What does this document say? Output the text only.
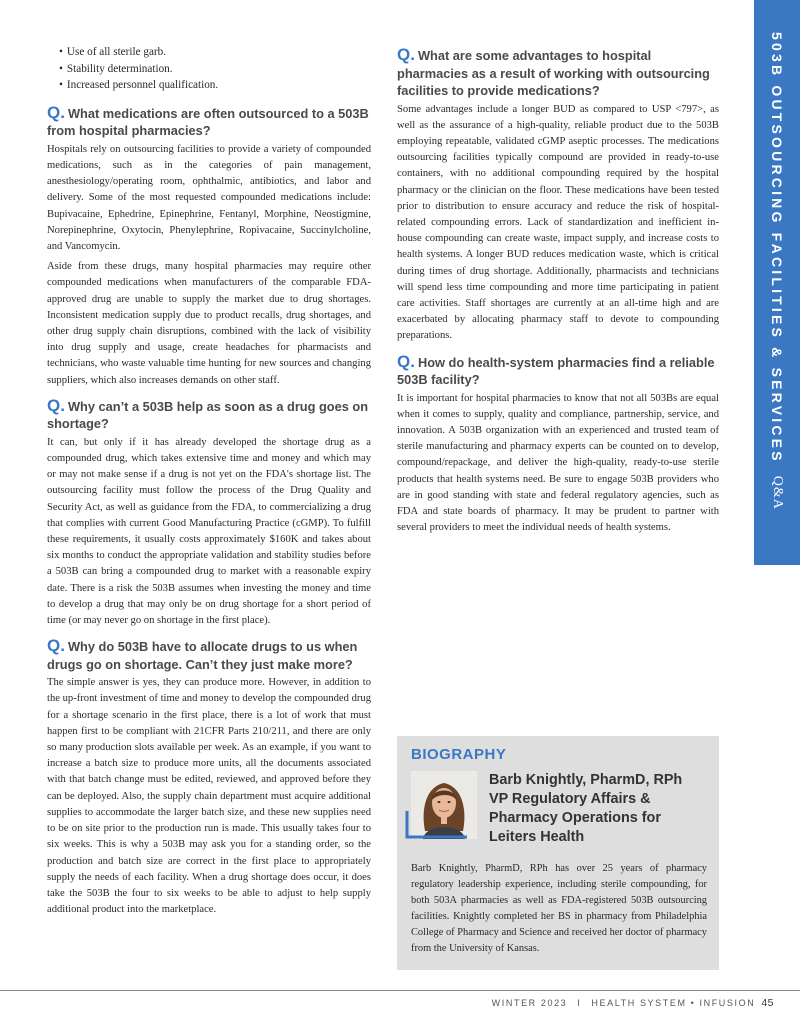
503B OUTSOURCING FACILITIES & SERVICES
Q&A
• Use of all sterile garb.
• Stability determination.
• Increased personnel qualification.
Q. What medications are often outsourced to a 503B from hospital pharmacies?

Hospitals rely on outsourcing facilities to provide a variety of compounded medications, such as in the categories of pain management, anesthesiology/operating room, ophthalmic, antibiotics, and labor and delivery. Some of the most requested compounded medications include: Bupivacaine, Ephedrine, Epinephrine, Fentanyl, Morphine, Neostigmine, Norepinephrine, Oxytocin, Phenylephrine, Ropivacaine, Succinylcholine, and Vancomycin.

Aside from these drugs, many hospital pharmacies may require other compounded medications when manufacturers of the comparable FDA-approved drug are unable to supply the market due to drug shortages. Inconsistent medication supply due to product recalls, drug shortages, and other drug supply chain disruptions, combined with the lack of visibility into drug supply and usage, create headaches for pharmacists and technicians, who waste valuable time hunting for new sources and changing suppliers, which also increases demands on other staff.

Q. Why can’t a 503B help as soon as a drug goes on shortage?

It can, but only if it has already developed the shortage drug as a compounded drug, which takes extensive time and money and which may or may not make sense if a drug is not yet on the FDA's shortage list. The outsourcing facility must follow the process of the Drug Quality and Security Act, as well as guidance from the FDA, to commercializing a drug that complies with current Good Manufacturing Practice (cGMP). To fulfill these requirements, it usually costs approximately $160K and takes about six months to conduct the appropriate validation and stability studies before a 503B can bring a compounded drug to market with a reasonable expiry date. There is a risk the 503B assumes when investing the money and time to develop a drug that may only be on drug shortage for a short period of time (or may never go on shortage in the first place).

Q. Why do 503B have to allocate drugs to us when drugs go on shortage. Can’t they just make more?

The simple answer is yes, they can produce more. However, in addition to the up-front investment of time and money to develop the compounded drug for a shortage scenario in the first place, there is a lot of work that must happen first to be compliant with 21CFR Parts 210/211, and there are only so many production slots available per week. As an example, if you want to increase a batch size to produce more units, all the documents associated with that batch change must be edited, reviewed, and approved before they can be deployed. Also, the supply chain department must acquire additional supplies to accommodate the larger batch size, and these new supplies need to be on site prior to the production run is made. This usually takes four to six weeks. This is why a 503B may ask you for a standing order, so the production and batch size are correct in the first place to appropriately supply the needs of each facility. When a drug shortage does occur, it does take the 503B the four to six weeks to be able to adjust to help supply additional product into the marketplace.

Q. What are some advantages to hospital pharmacies as a result of working with outsourcing facilities to provide medications?

Some advantages include a longer BUD as compared to USP <797>, as well as the assurance of a high-quality, reliable product due to the 503B employing repeatable, validated cGMP aseptic processes. The medications outsourcing facilities typically compound are provided in ready-to-use containers, with no additional compounding required by the hospital pharmacy or the clinician on the floor. These medications have been tested prior to distribution to ensure accuracy and reduce the risk of hospital-related compounding errors. Lack of standardization and inefficient in-house compounding can create waste, impact supply, and increase costs to health systems. A longer BUD reduces medication waste, which is critical during times of drug shortage. Additionally, pharmacists and technicians will spend less time compounding and more time participating in patient care activities. Staff shortages are currently at an all-time high and are exacerbated by allocating pharmacy staff to devote to compounding preparations.

Q. How do health-system pharmacies find a reliable 503B facility?

It is important for hospital pharmacies to know that not all 503Bs are equal when it comes to supply, quality and compliance, partnership, service, and innovation. A 503B organization with an experienced and trusted team of sterile manufacturing and pharmacy experts can be counted on to develop, compound/repackage, and deliver the high-quality, ready-to-use sterile products that health systems need. Be sure to engage 503B providers who are in good standing with state and federal regulatory agencies, such as FDA and state boards of pharmacy. It may be prudent to partner with several providers to meet the individual needs of health systems.

BIOGRAPHY
Barb Knightly, PharmD, RPh
VP Regulatory Affairs &
Pharmacy Operations for
Leiters Health

Barb Knightly, PharmD, RPh has over 25 years of pharmacy regulatory leadership experience, including sterile compounding, for both 503A pharmacies as well as FDA-registered 503B outsourcing facilities. Knightly completed her BS in pharmacy from Philadelphia College of Pharmacy and Science and received her doctor of pharmacy from the University of Kansas.

WINTER 2023 I HEALTH SYSTEM • INFUSION 45
